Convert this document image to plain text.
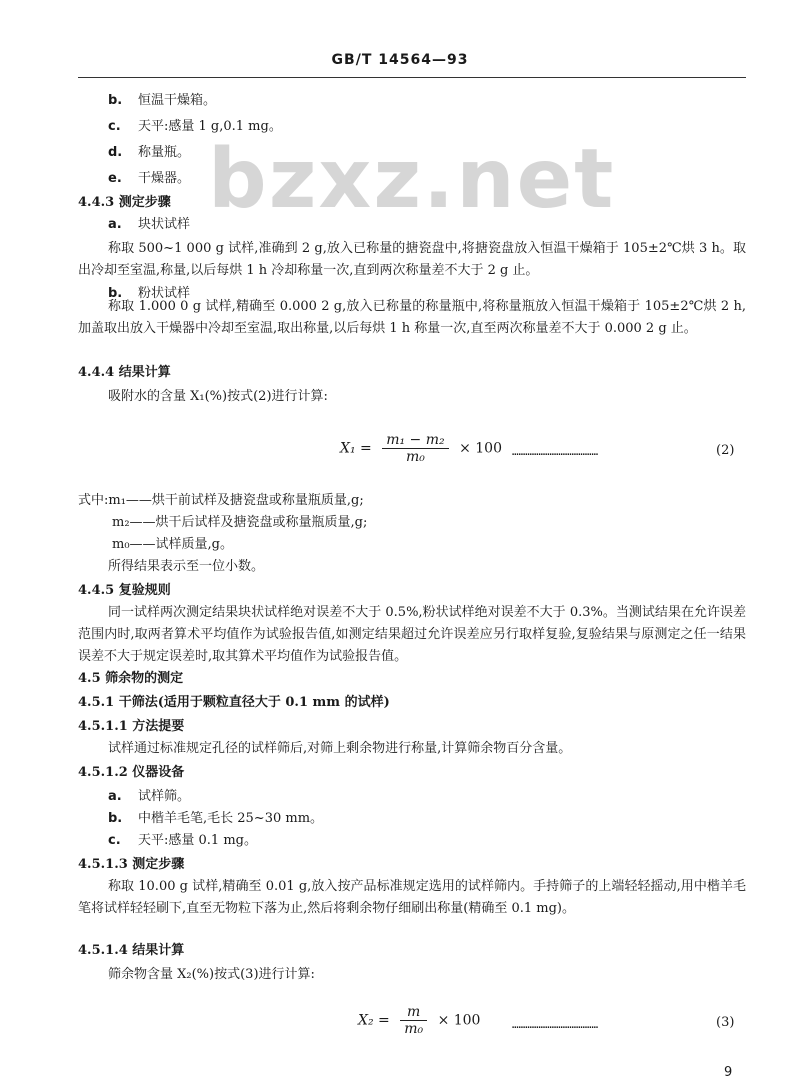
GB/T 14564—93
bzxz.net
b. 恒温干燥箱。
c. 天平:感量 1 g,0.1 mg。
d. 称量瓶。
e. 干燥器。
4.4.3 测定步骤
a. 块状试样
称取 500~1 000 g 试样,准确到 2 g,放入已称量的搪瓷盘中,将搪瓷盘放入恒温干燥箱于 105±2℃烘 3 h。取出冷却至室温,称量,以后每烘 1 h 冷却称量一次,直到两次称量差不大于 2 g 止。
b. 粉状试样
称取 1.000 0 g 试样,精确至 0.000 2 g,放入已称量的称量瓶中,将称量瓶放入恒温干燥箱于 105±2℃烘 2 h,加盖取出放入干燥器中冷却至室温,取出称量,以后每烘 1 h 称量一次,直至两次称量差不大于 0.000 2 g 止。
4.4.4 结果计算
吸附水的含量 X₁(%)按式(2)进行计算:
$X_1 = \frac{\text{m₁ − m₂}}{\text{m₀}} \times 100$ …………………………………	(2)
式中:m₁——烘干前试样及搪瓷盘或称量瓶质量,g;
m₂——烘干后试样及搪瓷盘或称量瓶质量,g;
m₀——试样质量,g。
所得结果表示至一位小数。
4.4.5 复验规则
同一试样两次测定结果块状试样绝对误差不大于 0.5%,粉状试样绝对误差不大于 0.3%。当测试结果在允许误差范围内时,取两者算术平均值作为试验报告值,如测定结果超过允许误差应另行取样复验,复验结果与原测定之任一结果误差不大于规定误差时,取其算术平均值作为试验报告值。
4.5 筛余物的测定
4.5.1 干筛法(适用于颗粒直径大于 0.1 mm 的试样)
4.5.1.1 方法提要
试样通过标准规定孔径的试样筛后,对筛上剩余物进行称量,计算筛余物百分含量。
4.5.1.2 仪器设备
a. 试样筛。
b. 中楷羊毛笔,毛长 25~30 mm。
c. 天平:感量 0.1 mg。
4.5.1.3 测定步骤
称取 10.00 g 试样,精确至 0.01 g,放入按产品标准规定选用的试样筛内。手持筛子的上端轻轻摇动,用中楷羊毛笔将试样轻轻刷下,直至无物粒下落为止,然后将剩余物仔细刷出称量(精确至 0.1 mg)。
4.5.1.4 结果计算
筛余物含量 X₂(%)按式(3)进行计算:
$X_2 = \frac{m}{\text{m₀}} \times 100$	…………………………………	(3)
9
